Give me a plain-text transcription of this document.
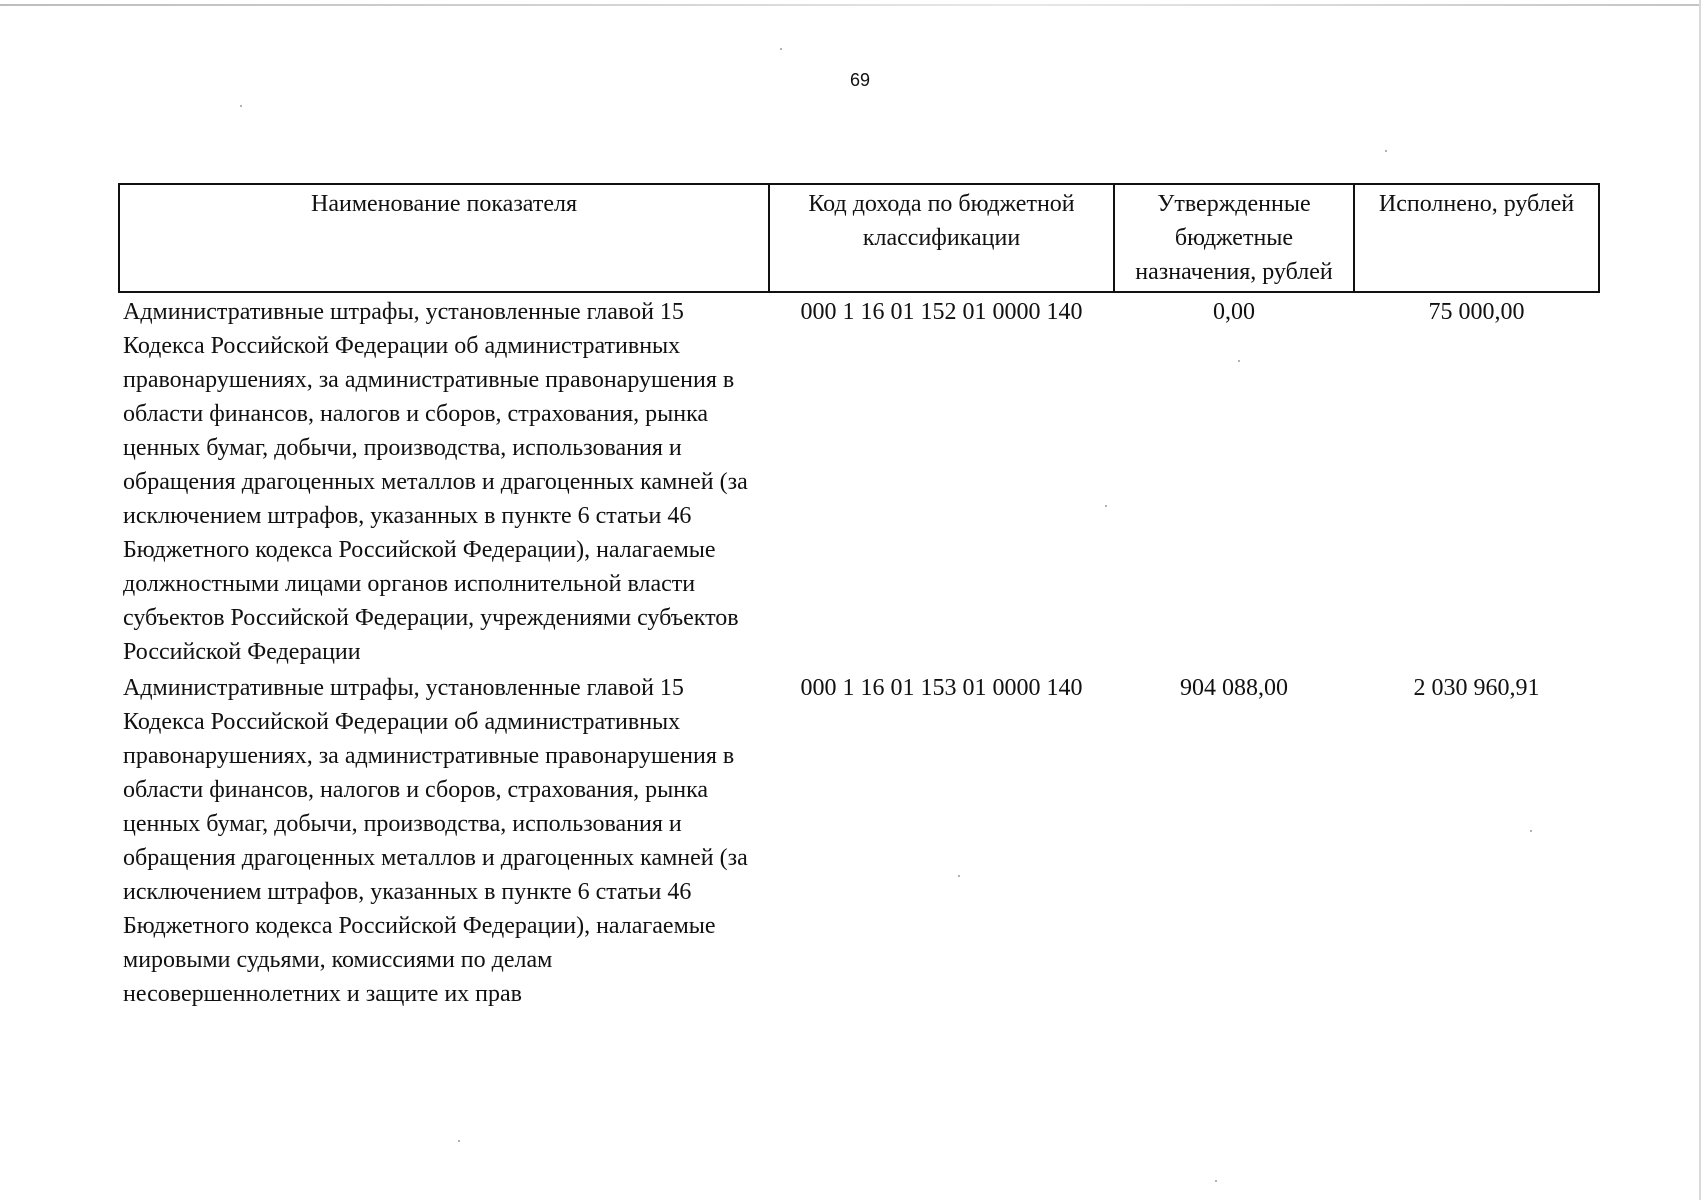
69
Наименование показателя	Код дохода по бюджетной классификации	Утвержденные бюджетные назначения, рублей	Исполнено, рублей
Административные штрафы, установленные главой 15 Кодекса Российской Федерации об административных правонарушениях, за административные правонарушения в области финансов, налогов и сборов, страхования, рынка ценных бумаг, добычи, производства, использования и обращения драгоценных металлов и драгоценных камней (за исключением штрафов, указанных в пункте 6 статьи 46 Бюджетного кодекса Российской Федерации), налагаемые должностными лицами органов исполнительной власти субъектов Российской Федерации, учреждениями субъектов Российской Федерации	000 1 16 01 152 01 0000 140	0,00	75 000,00
Административные штрафы, установленные главой 15 Кодекса Российской Федерации об административных правонарушениях, за административные правонарушения в области финансов, налогов и сборов, страхования, рынка ценных бумаг, добычи, производства, использования и обращения драгоценных металлов и драгоценных камней (за исключением штрафов, указанных в пункте 6 статьи 46 Бюджетного кодекса Российской Федерации), налагаемые мировыми судьями, комиссиями по делам несовершеннолетних и защите их прав	000 1 16 01 153 01 0000 140	904 088,00	2 030 960,91
